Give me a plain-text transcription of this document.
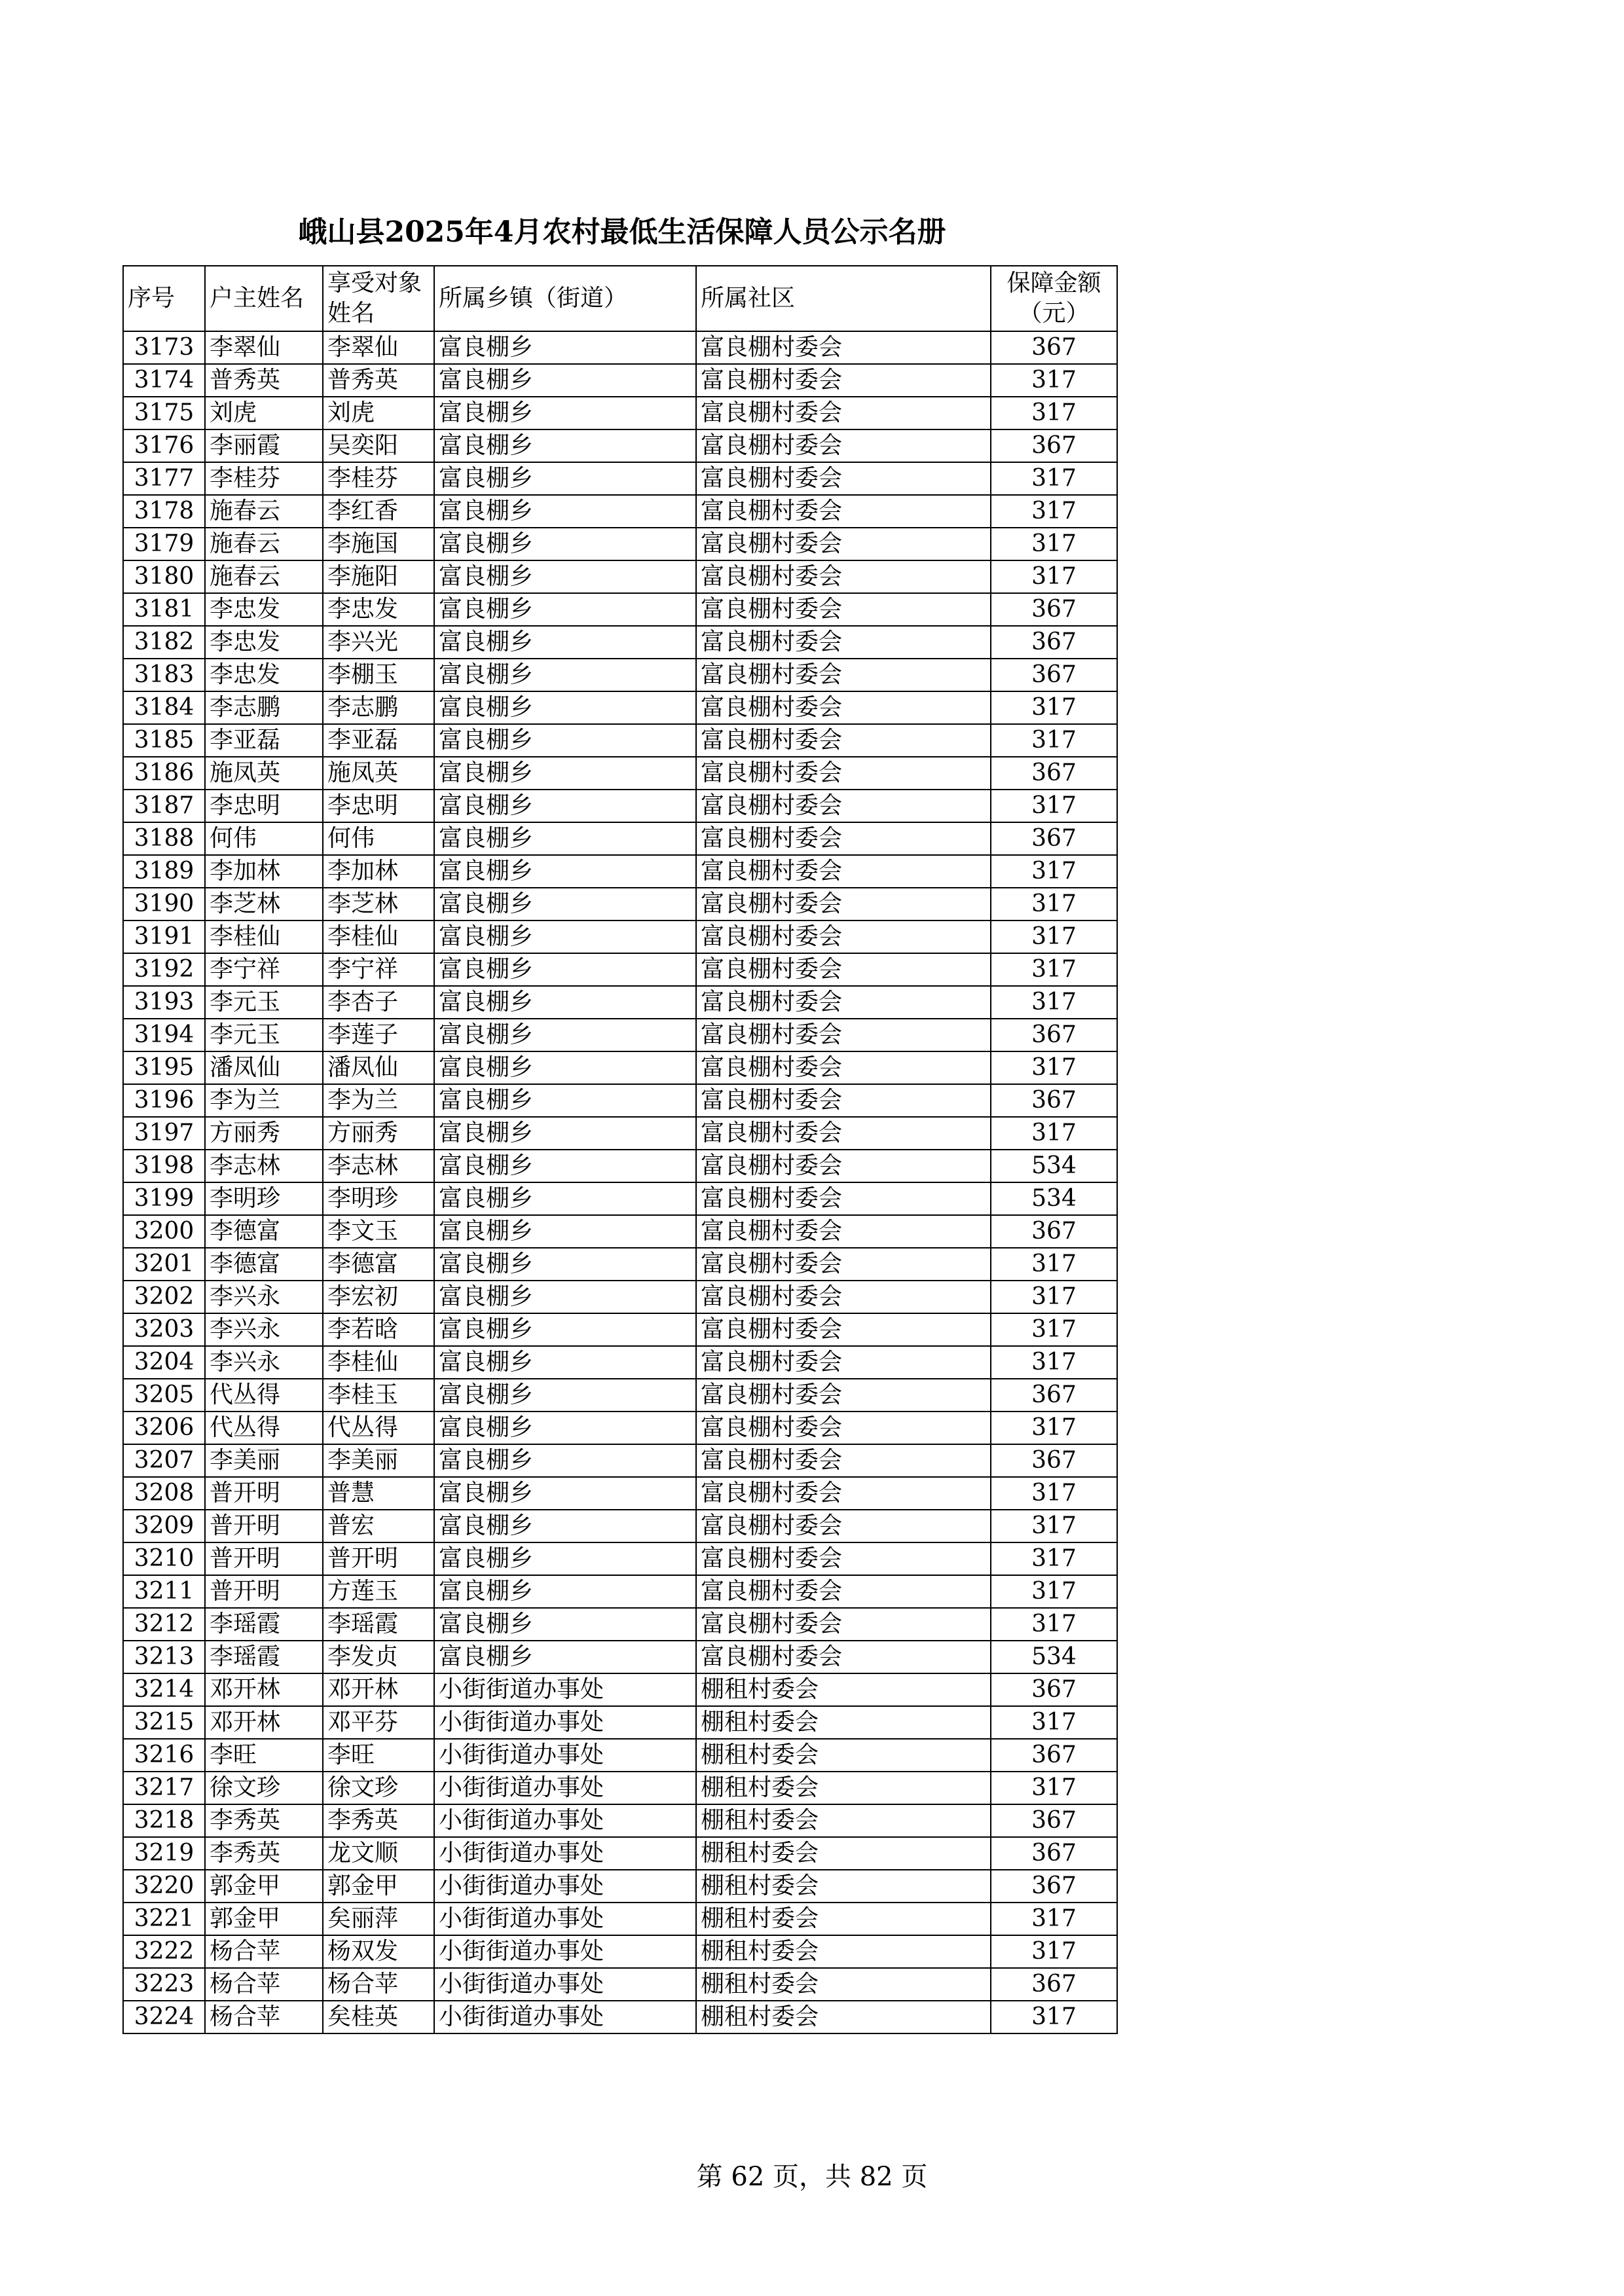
峨山县2025年4月农村最低生活保障人员公示名册
序号	户主姓名	享受对象姓名	所属乡镇（街道）	所属社区	保障金额（元）
3173	李翠仙	李翠仙	富良棚乡	富良棚村委会	367
3174	普秀英	普秀英	富良棚乡	富良棚村委会	317
3175	刘虎	刘虎	富良棚乡	富良棚村委会	317
3176	李丽霞	吴奕阳	富良棚乡	富良棚村委会	367
3177	李桂芬	李桂芬	富良棚乡	富良棚村委会	317
3178	施春云	李红香	富良棚乡	富良棚村委会	317
3179	施春云	李施国	富良棚乡	富良棚村委会	317
3180	施春云	李施阳	富良棚乡	富良棚村委会	317
3181	李忠发	李忠发	富良棚乡	富良棚村委会	367
3182	李忠发	李兴光	富良棚乡	富良棚村委会	367
3183	李忠发	李棚玉	富良棚乡	富良棚村委会	367
3184	李志鹏	李志鹏	富良棚乡	富良棚村委会	317
3185	李亚磊	李亚磊	富良棚乡	富良棚村委会	317
3186	施凤英	施凤英	富良棚乡	富良棚村委会	367
3187	李忠明	李忠明	富良棚乡	富良棚村委会	317
3188	何伟	何伟	富良棚乡	富良棚村委会	367
3189	李加林	李加林	富良棚乡	富良棚村委会	317
3190	李芝林	李芝林	富良棚乡	富良棚村委会	317
3191	李桂仙	李桂仙	富良棚乡	富良棚村委会	317
3192	李宁祥	李宁祥	富良棚乡	富良棚村委会	317
3193	李元玉	李杏子	富良棚乡	富良棚村委会	317
3194	李元玉	李莲子	富良棚乡	富良棚村委会	367
3195	潘凤仙	潘凤仙	富良棚乡	富良棚村委会	317
3196	李为兰	李为兰	富良棚乡	富良棚村委会	367
3197	方丽秀	方丽秀	富良棚乡	富良棚村委会	317
3198	李志林	李志林	富良棚乡	富良棚村委会	534
3199	李明珍	李明珍	富良棚乡	富良棚村委会	534
3200	李德富	李文玉	富良棚乡	富良棚村委会	367
3201	李德富	李德富	富良棚乡	富良棚村委会	317
3202	李兴永	李宏初	富良棚乡	富良棚村委会	317
3203	李兴永	李若晗	富良棚乡	富良棚村委会	317
3204	李兴永	李桂仙	富良棚乡	富良棚村委会	317
3205	代丛得	李桂玉	富良棚乡	富良棚村委会	367
3206	代丛得	代丛得	富良棚乡	富良棚村委会	317
3207	李美丽	李美丽	富良棚乡	富良棚村委会	367
3208	普开明	普慧	富良棚乡	富良棚村委会	317
3209	普开明	普宏	富良棚乡	富良棚村委会	317
3210	普开明	普开明	富良棚乡	富良棚村委会	317
3211	普开明	方莲玉	富良棚乡	富良棚村委会	317
3212	李瑶霞	李瑶霞	富良棚乡	富良棚村委会	317
3213	李瑶霞	李发贞	富良棚乡	富良棚村委会	534
3214	邓开林	邓开林	小街街道办事处	棚租村委会	367
3215	邓开林	邓平芬	小街街道办事处	棚租村委会	317
3216	李旺	李旺	小街街道办事处	棚租村委会	367
3217	徐文珍	徐文珍	小街街道办事处	棚租村委会	317
3218	李秀英	李秀英	小街街道办事处	棚租村委会	367
3219	李秀英	龙文顺	小街街道办事处	棚租村委会	367
3220	郭金甲	郭金甲	小街街道办事处	棚租村委会	367
3221	郭金甲	矣丽萍	小街街道办事处	棚租村委会	317
3222	杨合苹	杨双发	小街街道办事处	棚租村委会	317
3223	杨合苹	杨合苹	小街街道办事处	棚租村委会	367
3224	杨合苹	矣桂英	小街街道办事处	棚租村委会	317
第 62 页，共 82 页
